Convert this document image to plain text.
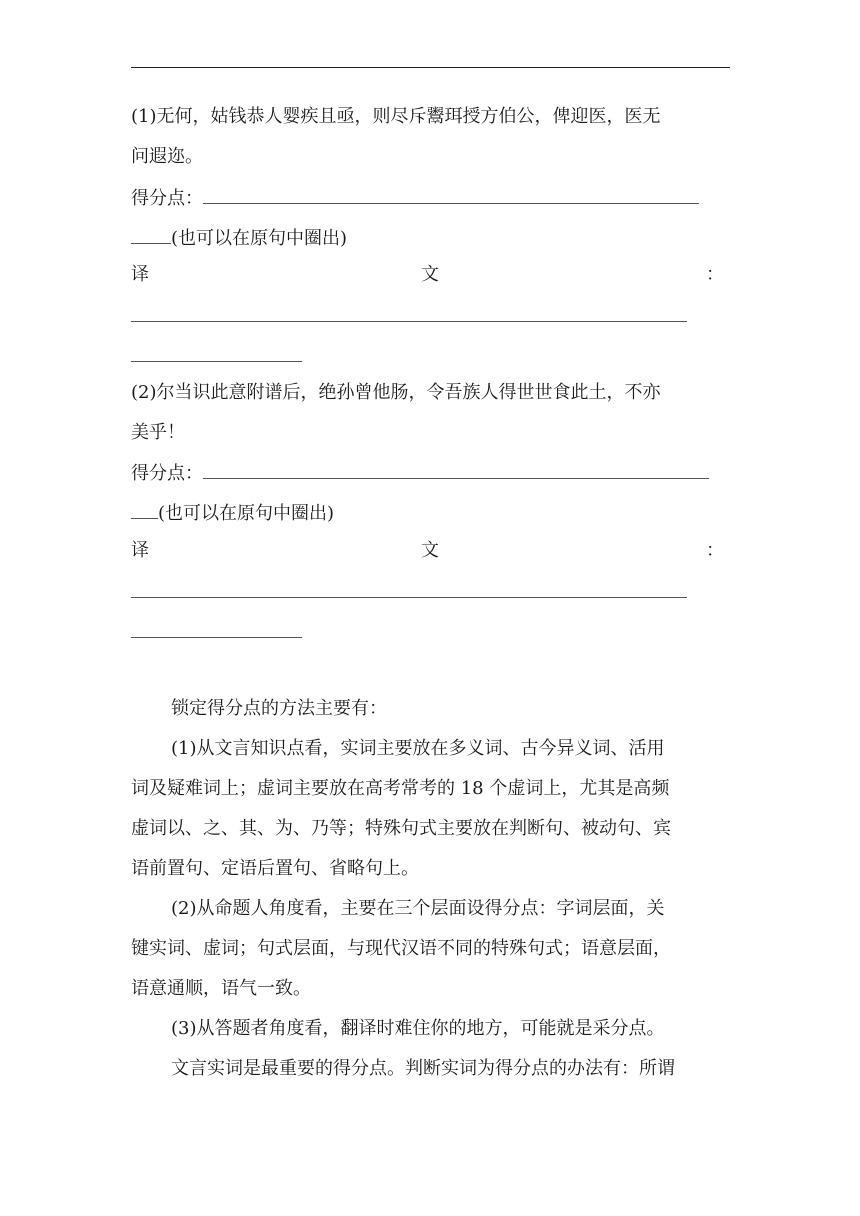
(1)无何，姑钱恭人婴疾且亟，则尽斥鬻珥授方伯公，俾迎医，医无
问遐迩。
得分点：
(也可以在原句中圈出)
译	文	：
(2)尔当识此意附谱后，绝孙曾他肠，令吾族人得世世食此土，不亦
美乎！
得分点：
(也可以在原句中圈出)
译	文	：
锁定得分点的方法主要有：
(1)从文言知识点看，实词主要放在多义词、古今异义词、活用
词及疑难词上；虚词主要放在高考常考的 18 个虚词上，尤其是高频
虚词以、之、其、为、乃等；特殊句式主要放在判断句、被动句、宾
语前置句、定语后置句、省略句上。
(2)从命题人角度看，主要在三个层面设得分点：字词层面，关
键实词、虚词；句式层面，与现代汉语不同的特殊句式；语意层面，
语意通顺，语气一致。
(3)从答题者角度看，翻译时难住你的地方，可能就是采分点。
文言实词是最重要的得分点。判断实词为得分点的办法有：所谓
